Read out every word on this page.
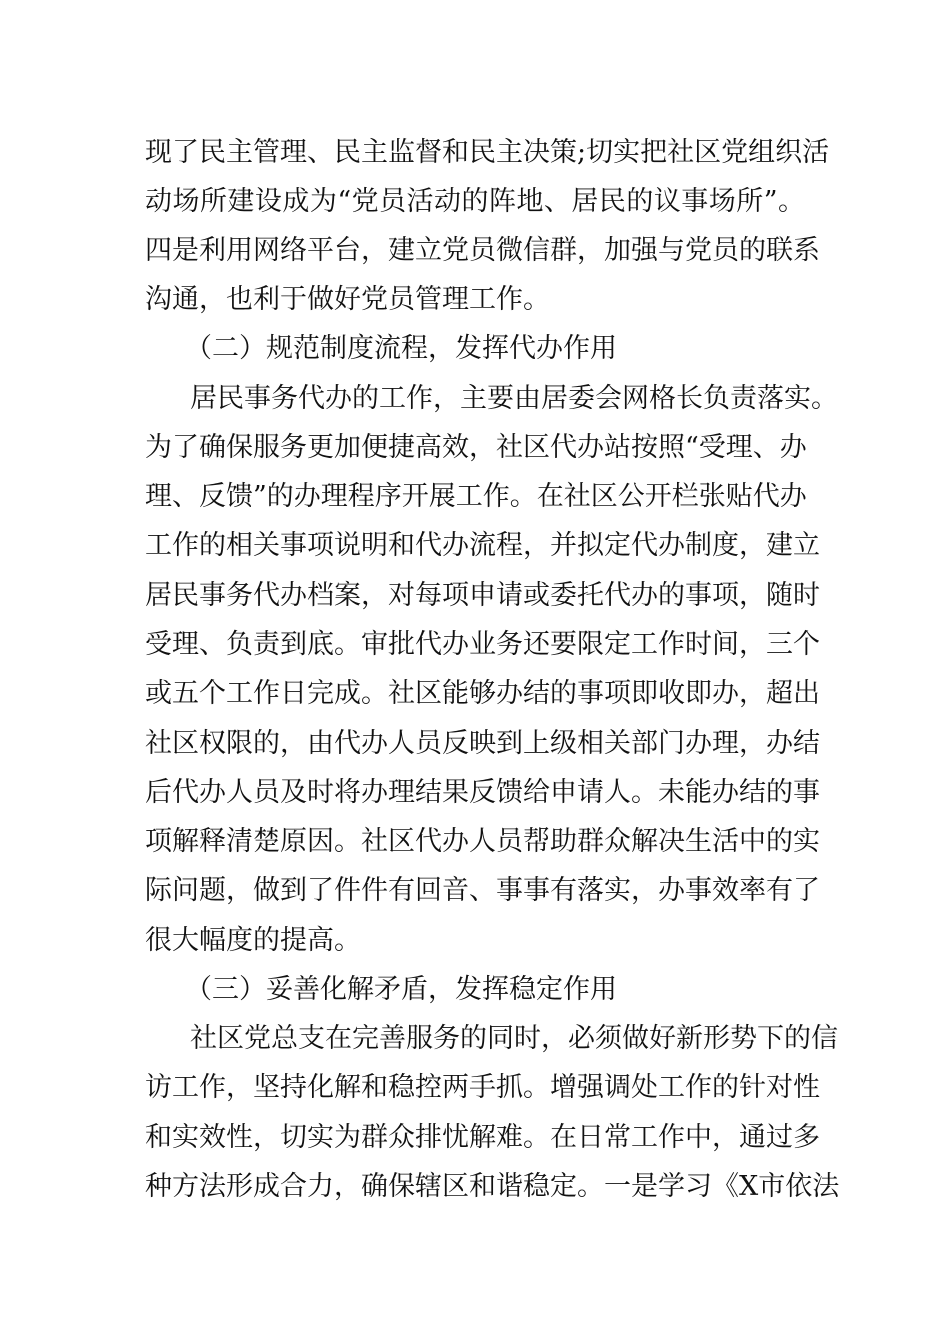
现了民主管理、民主监督和民主决策;切实把社区党组织活
动场所建设成为“党员活动的阵地、居民的议事场所”。
四是利用网络平台，建立党员微信群，加强与党员的联系
沟通，也利于做好党员管理工作。
（二）规范制度流程，发挥代办作用
居民事务代办的工作，主要由居委会网格长负责落实。
为了确保服务更加便捷高效，社区代办站按照“受理、办
理、反馈”的办理程序开展工作。在社区公开栏张贴代办
工作的相关事项说明和代办流程，并拟定代办制度，建立
居民事务代办档案，对每项申请或委托代办的事项，随时
受理、负责到底。审批代办业务还要限定工作时间，三个
或五个工作日完成。社区能够办结的事项即收即办，超出
社区权限的，由代办人员反映到上级相关部门办理，办结
后代办人员及时将办理结果反馈给申请人。未能办结的事
项解释清楚原因。社区代办人员帮助群众解决生活中的实
际问题，做到了件件有回音、事事有落实，办事效率有了
很大幅度的提高。
（三）妥善化解矛盾，发挥稳定作用
社区党总支在完善服务的同时，必须做好新形势下的信
访工作，坚持化解和稳控两手抓。增强调处工作的针对性
和实效性，切实为群众排忧解难。在日常工作中，通过多
种方法形成合力，确保辖区和谐稳定。一是学习《X市依法
